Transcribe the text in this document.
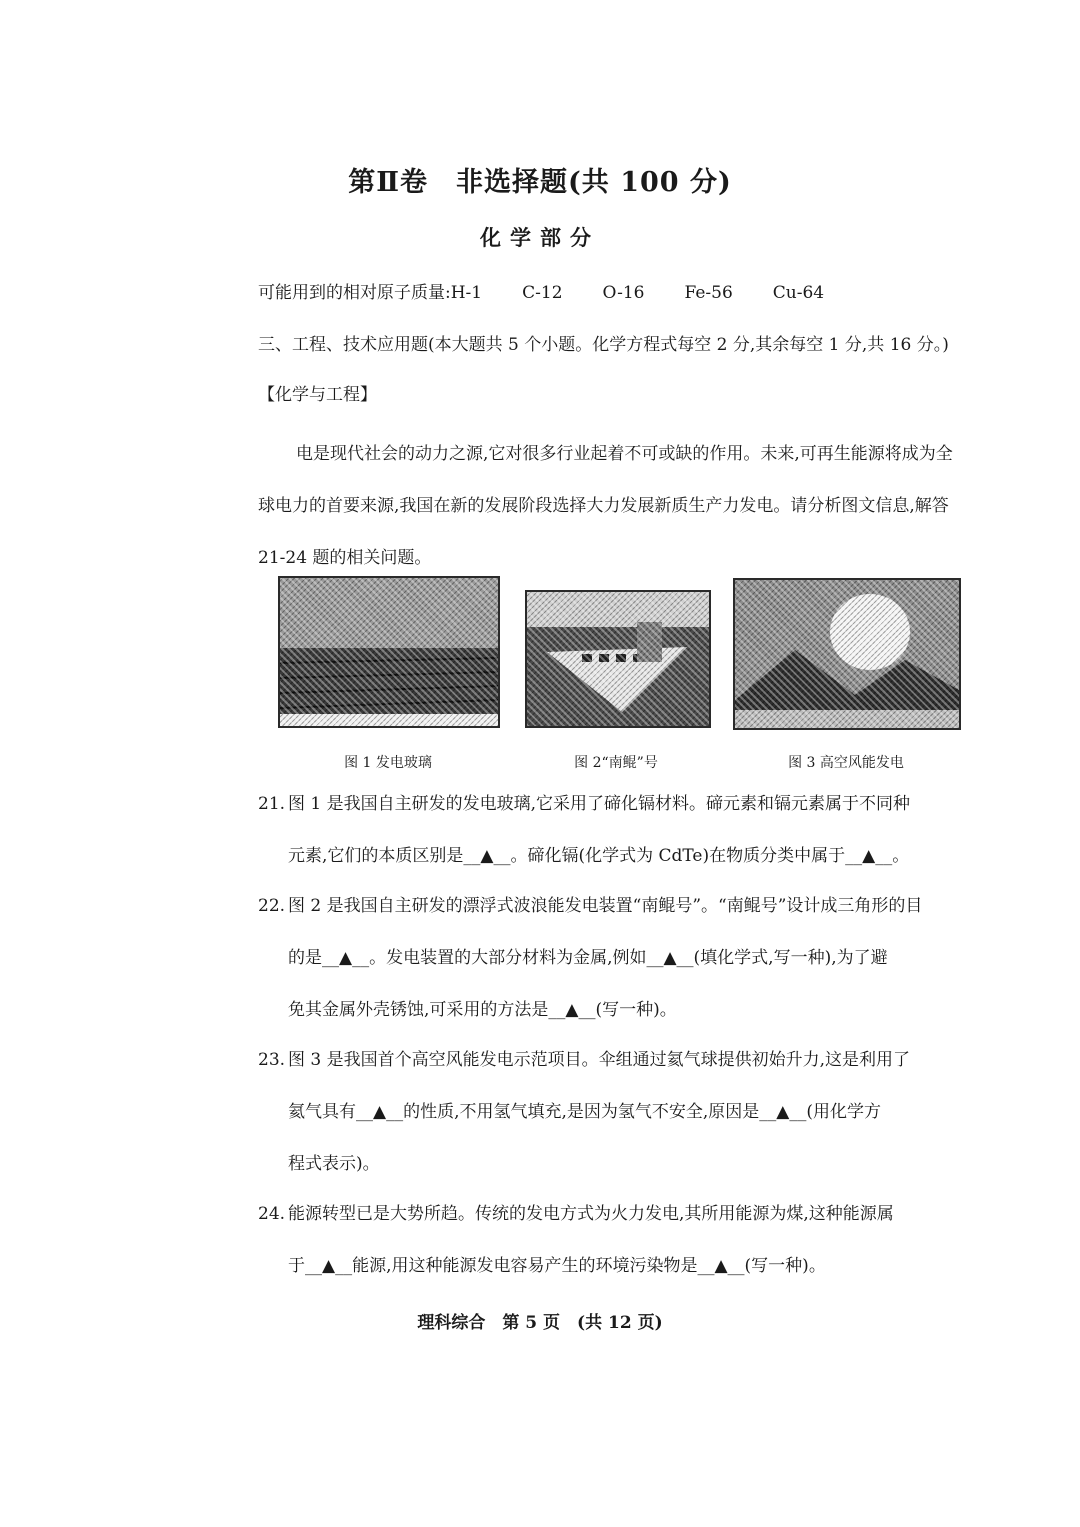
第Ⅱ卷　非选择题(共 100 分)
化学部分
可能用到的相对原子质量:H-1 C-12 O-16 Fe-56 Cu-64
三、工程、技术应用题(本大题共 5 个小题。化学方程式每空 2 分,其余每空 1 分,共 16 分。)
【化学与工程】
电是现代社会的动力之源,它对很多行业起着不可或缺的作用。未来,可再生能源将成为全球电力的首要来源,我国在新的发展阶段选择大力发展新质生产力发电。请分析图文信息,解答 21-24 题的相关问题。
图 1 发电玻璃	图 2“南鲲”号	图 3 高空风能发电
21. 图 1 是我国自主研发的发电玻璃,它采用了碲化镉材料。碲元素和镉元素属于不同种
元素,它们的本质区别是__▲__。碲化镉(化学式为 CdTe)在物质分类中属于__▲__。
22. 图 2 是我国自主研发的漂浮式波浪能发电装置“南鲲号”。“南鲲号”设计成三角形的目
的是__▲__。发电装置的大部分材料为金属,例如__▲__(填化学式,写一种),为了避
免其金属外壳锈蚀,可采用的方法是__▲__(写一种)。
23. 图 3 是我国首个高空风能发电示范项目。伞组通过氦气球提供初始升力,这是利用了
氦气具有__▲__的性质,不用氢气填充,是因为氢气不安全,原因是__▲__(用化学方
程式表示)。
24. 能源转型已是大势所趋。传统的发电方式为火力发电,其所用能源为煤,这种能源属
于__▲__能源,用这种能源发电容易产生的环境污染物是__▲__(写一种)。
理科综合　第 5 页　(共 12 页)
